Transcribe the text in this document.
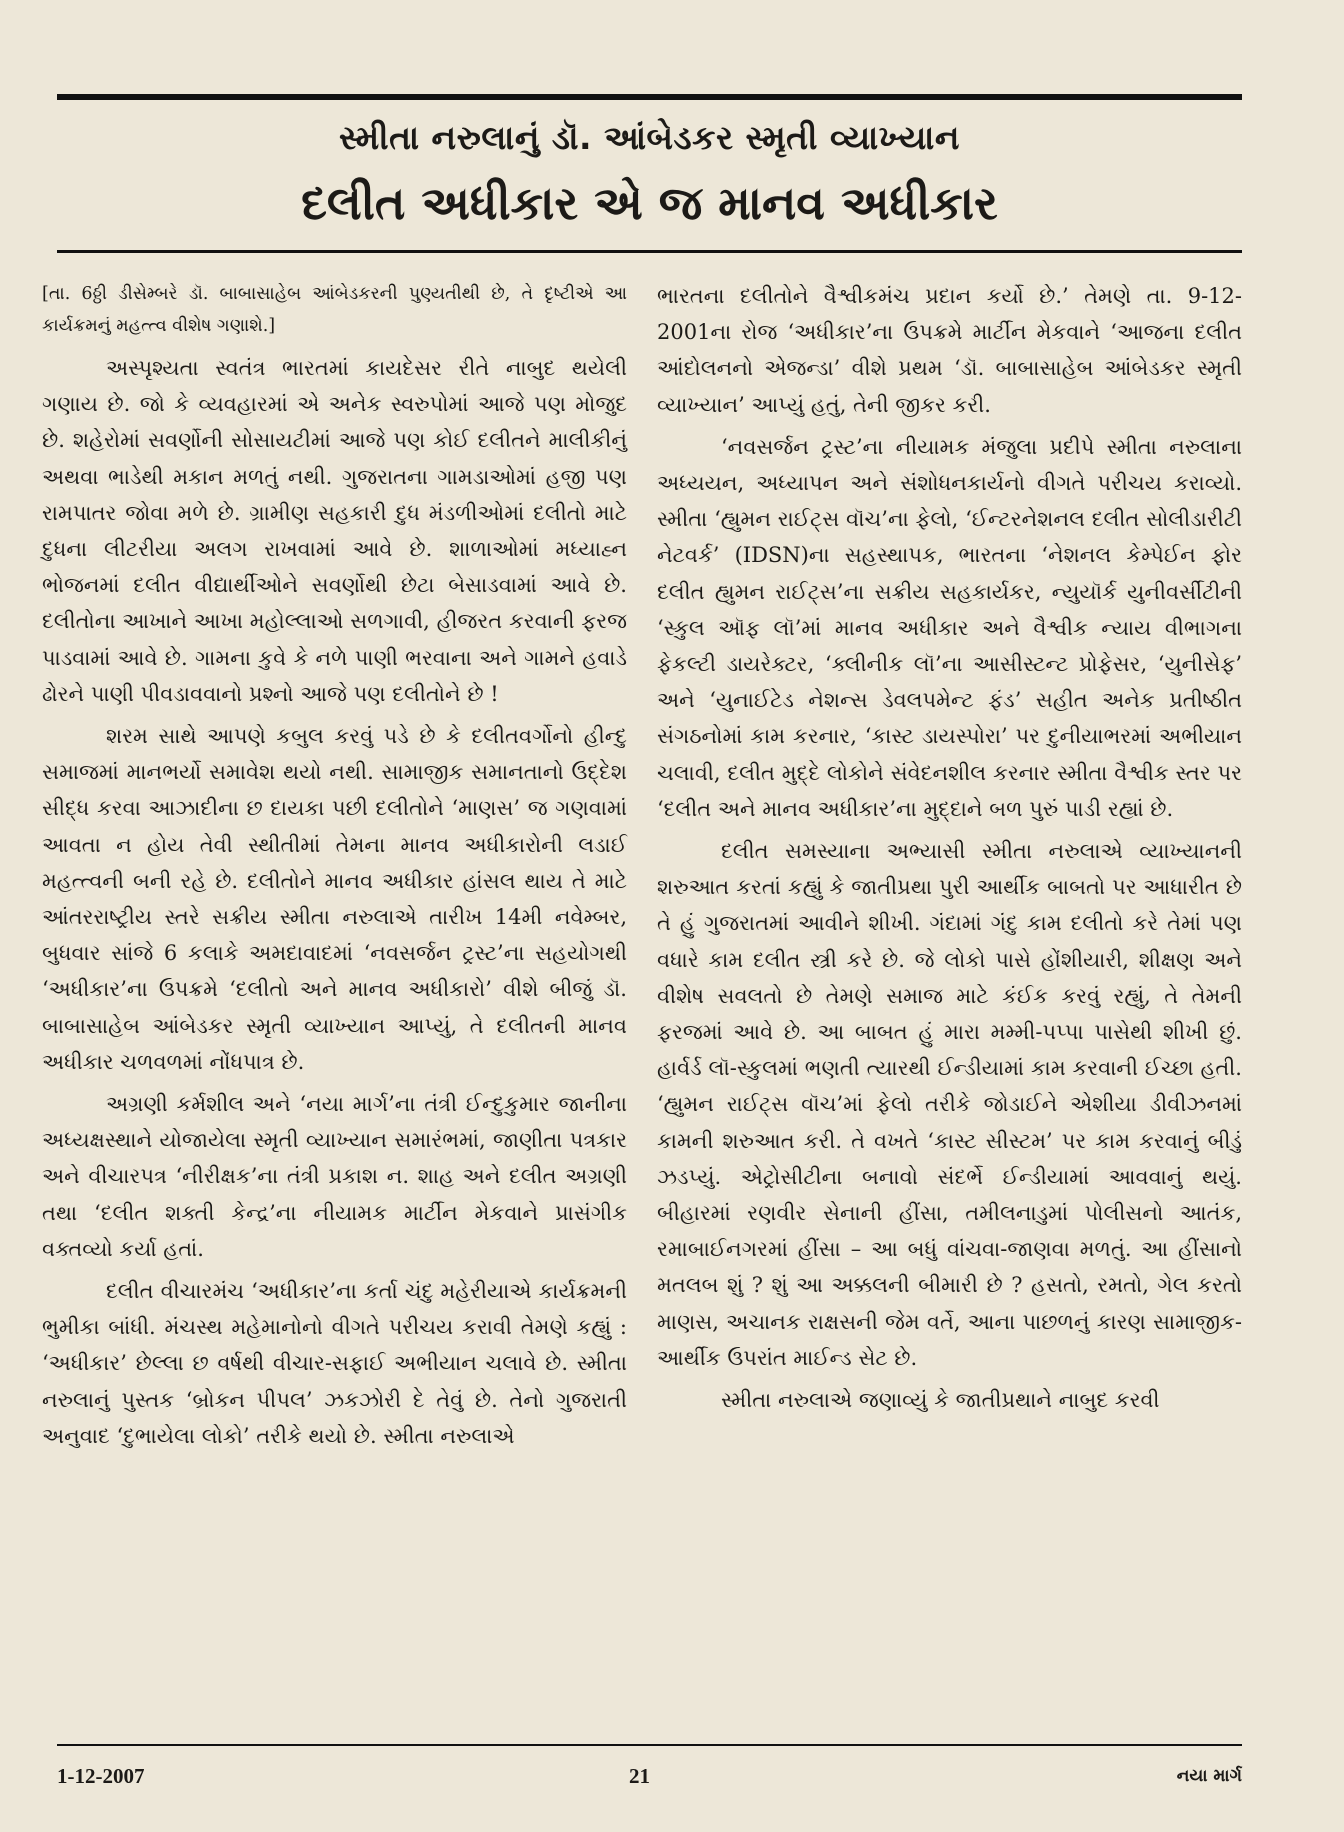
સ્મીતા નરુલાનું ડૉ. આંબેડકર સ્મૃતી વ્યાખ્યાન
દલીત અધીકાર એ જ માનવ અધીકાર

[તા. 6ઠ્ઠી ડીસેમ્બરે ડૉ. બાબાસાહેબ આંબેડકરની પુણ્યતીથી છે, તે દૃષ્ટીએ આ કાર્યક્રમનું મહત્ત્વ વીશેષ ગણાશે.]

અસ્પૃશ્યતા સ્વતંત્ર ભારતમાં કાયદેસર રીતે નાબુદ થયેલી ગણાય છે. જો કે વ્યવહારમાં એ અનેક સ્વરુપોમાં આજે પણ મોજુદ છે. શહેરોમાં સવર્ણોની સોસાયટીમાં આજે પણ કોઈ દલીતને માલીકીનું અથવા ભાડેથી મકાન મળતું નથી. ગુજરાતના ગામડાઓમાં હજી પણ રામપાતર જોવા મળે છે. ગ્રામીણ સહકારી દુધ મંડળીઓમાં દલીતો માટે દુધના લીટરીયા અલગ રાખવામાં આવે છે. શાળાઓમાં મધ્યાહ્ન ભોજનમાં દલીત વીદ્યાર્થીઓને સવર્ણોથી છેટા બેસાડવામાં આવે છે. દલીતોના આખાને આખા મહોલ્લાઓ સળગાવી, હીજરત કરવાની ફરજ પાડવામાં આવે છે. ગામના કુવે કે નળે પાણી ભરવાના અને ગામને હવાડે ઢોરને પાણી પીવડાવવાનો પ્રશ્નો આજે પણ દલીતોને છે !

શરમ સાથે આપણે કબુલ કરવું પડે છે કે દલીતવર્ગોનો હીન્દુ સમાજમાં માનભર્યો સમાવેશ થયો નથી. સામાજીક સમાનતાનો ઉદ્દેશ સીદ્ધ કરવા આઝાદીના છ દાયકા પછી દલીતોને ‘માણસ’ જ ગણવામાં આવતા ન હોય તેવી સ્થીતીમાં તેમના માનવ અધીકારોની લડાઈ મહત્ત્વની બની રહે છે. દલીતોને માનવ અધીકાર હાંસલ થાય તે માટે આંતરરાષ્ટ્રીય સ્તરે સક્રીય સ્મીતા નરુલાએ તારીખ 14મી નવેમ્બર, બુધવાર સાંજે 6 કલાકે અમદાવાદમાં ‘નવસર્જન ટ્રસ્ટ’ના સહયોગથી ‘અધીકાર’ના ઉપક્રમે ‘દલીતો અને માનવ અધીકારો’ વીશે બીજું ડૉ. બાબાસાહેબ આંબેડકર સ્મૃતી વ્યાખ્યાન આપ્યું, તે દલીતની માનવ અધીકાર ચળવળમાં નોંધપાત્ર છે.

અગ્રણી કર્મશીલ અને ‘નયા માર્ગ’ના તંત્રી ઈન્દુકુમાર જાનીના અધ્યક્ષસ્થાને યોજાયેલા સ્મૃતી વ્યાખ્યાન સમારંભમાં, જાણીતા પત્રકાર અને વીચારપત્ર ‘નીરીક્ષક’ના તંત્રી પ્રકાશ ન. શાહ અને દલીત અગ્રણી તથા ‘દલીત શક્તી કેન્દ્ર’ના નીયામક માર્ટીન મેકવાને પ્રાસંગીક વક્તવ્યો કર્યા હતાં.

દલીત વીચારમંચ ‘અધીકાર’ના કર્તા ચંદુ મહેરીયાએ કાર્યક્રમની ભુમીકા બાંધી. મંચસ્થ મહેમાનોનો વીગતે પરીચય કરાવી તેમણે કહ્યું : ‘અધીકાર’ છેલ્લા છ વર્ષથી વીચાર-સફાઈ અભીયાન ચલાવે છે. સ્મીતા નરુલાનું પુસ્તક ‘બ્રોકન પીપલ’ ઝકઝોરી દે તેવું છે. તેનો ગુજરાતી અનુવાદ ‘દુભાયેલા લોકો’ તરીકે થયો છે. સ્મીતા નરુલાએ

ભારતના દલીતોને વૈશ્વીકમંચ પ્રદાન કર્યો છે.’ તેમણે તા. 9-12-2001ના રોજ ‘અધીકાર’ના ઉપક્રમે માર્ટીન મેકવાને ‘આજના દલીત આંદોલનનો એજન્ડા’ વીશે પ્રથમ ‘ડૉ. બાબાસાહેબ આંબેડકર સ્મૃતી વ્યાખ્યાન’ આપ્યું હતું, તેની જીકર કરી.

‘નવસર્જન ટ્રસ્ટ’ના નીયામક મંજુલા પ્રદીપે સ્મીતા નરુલાના અધ્યયન, અધ્યાપન અને સંશોધનકાર્યનો વીગતે પરીચય કરાવ્યો. સ્મીતા ‘હ્યુમન રાઈટ્સ વૉચ’ના ફેલો, ‘ઈન્ટરનેશનલ દલીત સોલીડારીટી નેટવર્ક’ (IDSN)ના સહસ્થાપક, ભારતના ‘નેશનલ કેમ્પેઈન ફોર દલીત હ્યુમન રાઈટ્સ’ના સક્રીય સહકાર્યકર, ન્યુયૉર્ક યુનીવર્સીટીની ‘સ્કુલ ઑફ લૉ’માં માનવ અધીકાર અને વૈશ્વીક ન્યાય વીભાગના ફેકલ્ટી ડાયરેક્ટર, ‘ક્લીનીક લૉ’ના આસીસ્ટન્ટ પ્રોફેસર, ‘યુનીસેફ’ અને ‘યુનાઈટેડ નેશન્સ ડેવલપમેન્ટ ફંડ’ સહીત અનેક પ્રતીષ્ઠીત સંગઠનોમાં કામ કરનાર, ‘કાસ્ટ ડાયસ્પોરા’ પર દુનીયાભરમાં અભીયાન ચલાવી, દલીત મુદ્દે લોકોને સંવેદનશીલ કરનાર સ્મીતા વૈશ્વીક સ્તર પર ‘દલીત અને માનવ અધીકાર’ના મુદ્દાને બળ પુરું પાડી રહ્યાં છે.

દલીત સમસ્યાના અભ્યાસી સ્મીતા નરુલાએ વ્યાખ્યાનની શરુઆત કરતાં કહ્યું કે જાતીપ્રથા પુરી આર્થીક બાબતો પર આધારીત છે તે હું ગુજરાતમાં આવીને શીખી. ગંદામાં ગંદુ કામ દલીતો કરે તેમાં પણ વધારે કામ દલીત સ્ત્રી કરે છે. જે લોકો પાસે હોંશીયારી, શીક્ષણ અને વીશેષ સવલતો છે તેમણે સમાજ માટે કંઈક કરવું રહ્યું, તે તેમની ફરજમાં આવે છે. આ બાબત હું મારા મમ્મી-પપ્પા પાસેથી શીખી છું. હાર્વર્ડ લૉ-સ્કુલમાં ભણતી ત્યારથી ઈન્ડીયામાં કામ કરવાની ઈચ્છા હતી. ‘હ્યુમન રાઈટ્સ વૉચ’માં ફેલો તરીકે જોડાઈને એશીયા ડીવીઝનમાં કામની શરુઆત કરી. તે વખતે ‘કાસ્ટ સીસ્ટમ’ પર કામ કરવાનું બીડું ઝડપ્યું. એટ્રોસીટીના બનાવો સંદર્ભે ઈન્ડીયામાં આવવાનું થયું. બીહારમાં રણવીર સેનાની હીંસા, તમીલનાડુમાં પોલીસનો આતંક, રમાબાઈનગરમાં હીંસા – આ બધું વાંચવા-જાણવા મળતું. આ હીંસાનો મતલબ શું ? શું આ અક્કલની બીમારી છે ? હસતો, રમતો, ગેલ કરતો માણસ, અચાનક રાક્ષસની જેમ વર્તે, આના પાછળનું કારણ સામાજીક-આર્થીક ઉપરાંત માઈન્ડ સેટ છે.

સ્મીતા નરુલાએ જણાવ્યું કે જાતીપ્રથાને નાબુદ કરવી

1-12-2007	21	નયા માર્ગ
